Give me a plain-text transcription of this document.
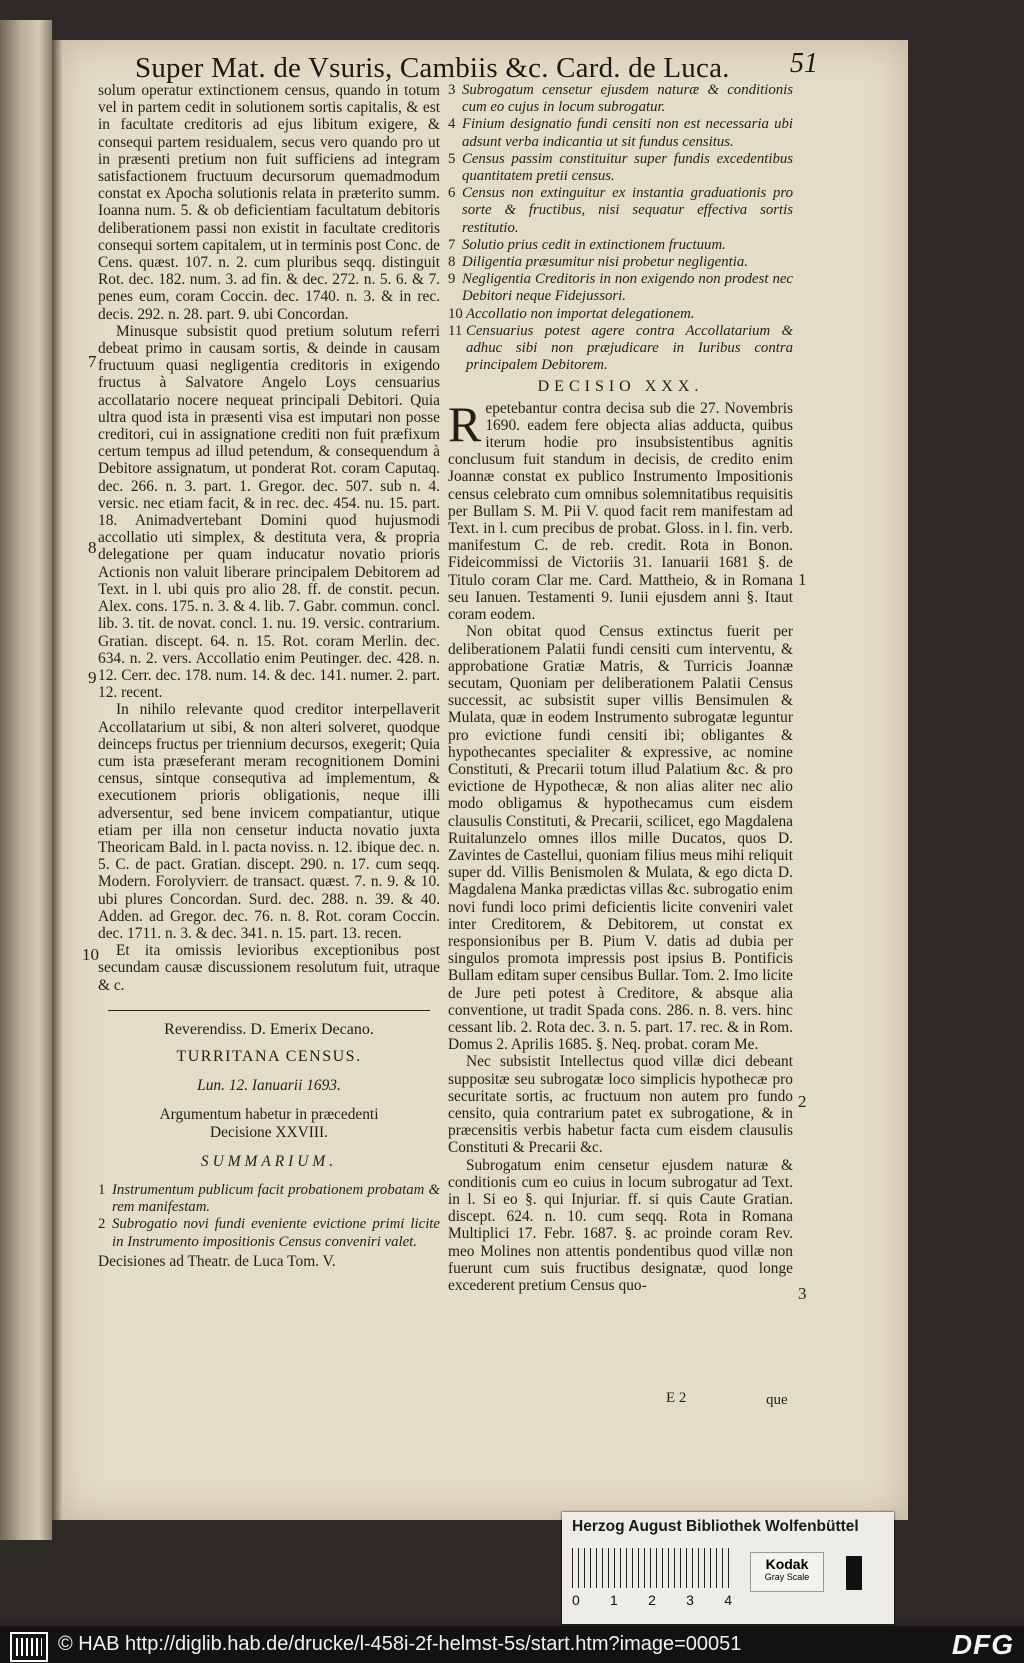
Super Mat. de Vsuris, Cambiis &c. Card. de Luca. 51

solum operatur extinctionem census, quando in totum vel in partem cedit in solutionem sortis capitalis, & est in facultate creditoris ad ejus libitum exigere, & consequi partem residualem, secus vero quando pro ut in præsenti pretium non fuit sufficiens ad integram satisfactionem fructuum decursorum quemadmodum constat ex Apocha solutionis relata in præterito summ. Ioanna num. 5. & ob deficientiam facultatum debitoris deliberationem passi non existit in facultate creditoris consequi sortem capitalem, ut in terminis post Conc. de Cens. quæst. 107. n. 2. cum pluribus seqq. distinguit Rot. dec. 182. num. 3. ad fin. & dec. 272. n. 5. 6. & 7. penes eum, coram Coccin. dec. 1740. n. 3. & in rec. decis. 292. n. 28. part. 9. ubi Concordan.

Minusque subsistit quod pretium solutum referri debeat primo in causam sortis, & deinde in causam fructuum quasi negligentia creditoris in exigendo fructus à Salvatore Angelo Loys censuarius accollatario nocere nequeat principali Debitori. Quia ultra quod ista in præsenti visa est imputari non posse creditori, cui in assignatione crediti non fuit præfixum certum tempus ad illud petendum, & consequendum à Debitore assignatum, ut ponderat Rot. coram Caputaq. dec. 266. n. 3. part. 1. Gregor. dec. 507. sub n. 4. versic. nec etiam facit, & in rec. dec. 454. nu. 15. part. 18. Animadvertebant Domini quod hujusmodi accollatio uti simplex, & destituta vera, & propria delegatione per quam inducatur novatio prioris Actionis non valuit liberare principalem Debitorem ad Text. in l. ubi quis pro alio 28. ff. de constit. pecun. Alex. cons. 175. n. 3. & 4. lib. 7. Gabr. commun. concl. lib. 3. tit. de novat. concl. 1. nu. 19. versic. contrarium. Gratian. discept. 64. n. 15. Rot. coram Merlin. dec. 634. n. 2. vers. Accollatio enim Peutinger. dec. 428. n. 12. Cerr. dec. 178. num. 14. & dec. 141. numer. 2. part. 12. recent.

In nihilo relevante quod creditor interpellaverit Accollatarium ut sibi, & non alteri solveret, quodque deinceps fructus per triennium decursos, exegerit; Quia cum ista præseferant meram recognitionem Domini census, sintque consequtiva ad implementum, & executionem prioris obligationis, neque illi adversentur, sed bene invicem compatiantur, utique etiam per illa non censetur inducta novatio juxta Theoricam Bald. in l. pacta noviss. n. 12. ibique dec. n. 5. C. de pact. Gratian. discept. 290. n. 17. cum seqq. Modern. Forolyvierr. de transact. quæst. 7. n. 9. & 10. ubi plures Concordan. Surd. dec. 288. n. 39. & 40. Adden. ad Gregor. dec. 76. n. 8. Rot. coram Coccin. dec. 1711. n. 3. & dec. 341. n. 15. part. 13. recen.

Et ita omissis levioribus exceptionibus post secundam causæ discussionem resolutum fuit, utraque & c.

Reverendiss. D. Emerix Decano.

TURRITANA CENSUS.

Lun. 12. Ianuarii 1693.

Argumentum habetur in præcedenti Decisione XXVIII.

SUMMARIUM.

1 Instrumentum publicum facit probationem probatam & rem manifestam.
2 Subrogatio novi fundi eveniente evictione primi licite in Instrumento impositionis Census conveniri valet.

Decisiones ad Theatr. de Luca Tom. V.

7
8
9
10
3 Subrogatum censetur ejusdem naturæ & conditionis cum eo cujus in locum subrogatur.
4 Finium designatio fundi censiti non est necessaria ubi adsunt verba indicantia ut sit fundus censitus.
5 Census passim constituitur super fundis excedentibus quantitatem pretii census.
6 Census non extinguitur ex instantia graduationis pro sorte & fructibus, nisi sequatur effectiva sortis restitutio.
7 Solutio prius cedit in extinctionem fructuum.
8 Diligentia præsumitur nisi probetur negligentia.
9 Negligentia Creditoris in non exigendo non prodest nec Debitori neque Fidejussori.
10 Accollatio non importat delegationem.
11 Censuarius potest agere contra Accollatarium & adhuc sibi non præjudicare in Iuribus contra principalem Debitorem.
DECISIO XXX.

Repetebantur contra decisa sub die 27. Novembris 1690. eadem fere objecta alias adducta, quibus iterum hodie pro insubsistentibus agnitis conclusum fuit standum in decisis, de credito enim Joannæ constat ex publico Instrumento Impositionis census celebrato cum omnibus solemnitatibus requisitis per Bullam S. M. Pii V. quod facit rem manifestam ad Text. in l. cum precibus de probat. Gloss. in l. fin. verb. manifestum C. de reb. credit. Rota in Bonon. Fideicommissi de Victoriis 31. Ianuarii 1681 §. de Titulo coram Clar me. Card. Mattheio, & in Romana seu Ianuen. Testamenti 9. Iunii ejusdem anni §. Itaut coram eodem.

Non obitat quod Census extinctus fuerit per deliberationem Palatii fundi censiti cum interventu, & approbatione Gratiæ Matris, & Turricis Joannæ secutam, Quoniam per deliberationem Palatii Census successit, ac subsistit super villis Bensimulen & Mulata, quæ in eodem Instrumento subrogatæ leguntur pro evictione fundi censiti ibi; obligantes & hypothecantes specialiter & expressive, ac nomine Constituti, & Precarii totum illud Palatium &c. & pro evictione de Hypothecæ, & non alias aliter nec alio modo obligamus & hypothecamus cum eisdem clausulis Constituti, & Precarii, scilicet, ego Magdalena Ruitalunzelo omnes illos mille Ducatos, quos D. Zavintes de Castellui, quoniam filius meus mihi reliquit super dd. Villis Benismolen & Mulata, & ego dicta D. Magdalena Manka prædictas villas &c. subrogatio enim novi fundi loco primi deficientis licite conveniri valet inter Creditorem, & Debitorem, ut constat ex responsionibus per B. Pium V. datis ad dubia per singulos promota impressis post ipsius B. Pontificis Bullam editam super censibus Bullar. Tom. 2. Imo licite de Jure peti potest à Creditore, & absque alia conventione, ut tradit Spada cons. 286. n. 8. vers. hinc cessant lib. 2. Rota dec. 3. n. 5. part. 17. rec. & in Rom. Domus 2. Aprilis 1685. §. Neq. probat. coram Me.

Nec subsistit Intellectus quod villæ dici debeant suppositæ seu subrogatæ loco simplicis hypothecæ pro securitate sortis, ac fructuum non autem pro fundo censito, quia contrarium patet ex subrogatione, & in præcensitis verbis habetur facta cum eisdem clausulis Constituti & Precarii &c.

Subrogatum enim censetur ejusdem naturæ & conditionis cum eo cuius in locum subrogatur ad Text. in l. Si eo §. qui Injuriar. ff. si quis Caute Gratian. discept. 624. n. 10. cum seqq. Rota in Romana Multiplici 17. Febr. 1687. §. ac proinde coram Rev. meo Molines non attentis pondentibus quod villæ non fuerunt cum suis fructibus designatæ, quod longe excederent pretium Census quo-

1
2
3
E 2	que
Herzog August Bibliothek Wolfenbüttel
0 1 2 3 4
Kodak
Gray Scale
© HAB http://diglib.hab.de/drucke/l-458i-2f-helmst-5s/start.htm?image=00051	DFG
